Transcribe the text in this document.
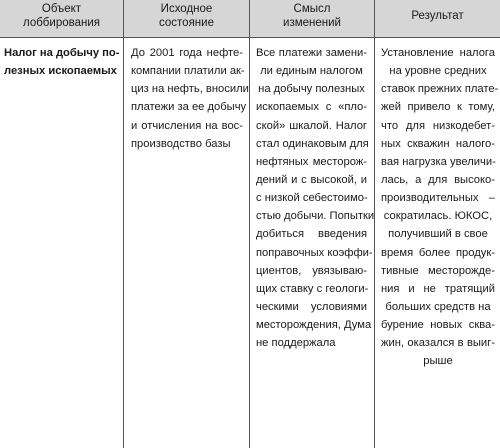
Объект
лоббирования
Исходное
состояние
Смысл
изменений
Результат
Налог на добычу по-
лезных ископаемых
До 2001 года нефте-
компании платили ак-
циз на нефть, вносили
платежи за ее добычу
и отчисления на вос-
производство базы
Все платежи замени-
ли единым налогом
на добычу полезных
ископаемых с «пло-
ской» шкалой. Налог
стал одинаковым для
нефтяных месторож-
дений и с высокой, и
с низкой себестоимо-
стью добычи. Попытки
добиться введения
поправочных коэффи-
циентов, увязываю-
щих ставку с геологи-
ческими условиями
месторождения, Дума
не поддержала
Установление налога
на уровне средних
ставок прежних плате-
жей привело к тому,
что для низкодебет-
ных скважин налого-
вая нагрузка увеличи-
лась, а для высоко-
производительных –
сократилась. ЮКОС,
получивший в свое
время более продук-
тивные месторожде-
ния и не тратящий
больших средств на
бурение новых сква-
жин, оказался в выиг-
рыше
